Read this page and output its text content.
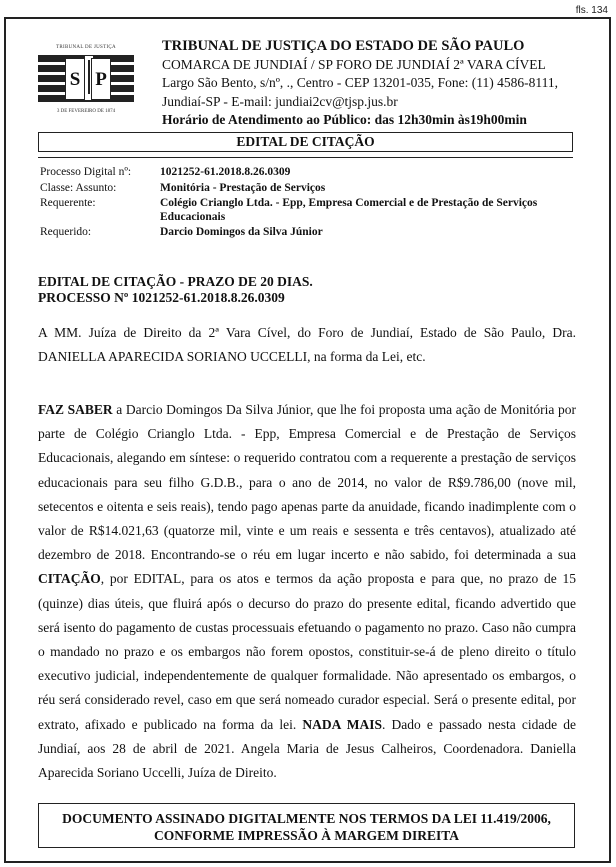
fls. 134
TRIBUNAL DE JUSTIÇA
S P
3 DE FEVEREIRO DE 1874
TRIBUNAL DE JUSTIÇA DO ESTADO DE SÃO PAULO
COMARCA DE JUNDIAÍ / SP FORO DE JUNDIAÍ 2ª VARA CÍVEL
Largo São Bento, s/nº, ., Centro - CEP 13201-035, Fone: (11) 4586-8111,
Jundiaí-SP - E-mail: jundiai2cv@tjsp.jus.br
Horário de Atendimento ao Público: das 12h30min às19h00min
EDITAL DE CITAÇÃO
Processo Digital nº:	1021252-61.2018.8.26.0309
Classe: Assunto:	Monitória - Prestação de Serviços
Requerente:	Colégio Crianglo Ltda. - Epp, Empresa Comercial e de Prestação de Serviços Educacionais
Requerido:	Darcio Domingos da Silva Júnior
EDITAL DE CITAÇÃO - PRAZO DE 20 DIAS.
PROCESSO Nº 1021252-61.2018.8.26.0309
A MM. Juíza de Direito da 2ª Vara Cível, do Foro de Jundiaí, Estado de São Paulo, Dra. DANIELLA APARECIDA SORIANO UCCELLI, na forma da Lei, etc.
FAZ SABER a Darcio Domingos Da Silva Júnior, que lhe foi proposta uma ação de Monitória por parte de Colégio Crianglo Ltda. - Epp, Empresa Comercial e de Prestação de Serviços Educacionais, alegando em síntese: o requerido contratou com a requerente a prestação de serviços educacionais para seu filho G.D.B., para o ano de 2014, no valor de R$9.786,00 (nove mil, setecentos e oitenta e seis reais), tendo pago apenas parte da anuidade, ficando inadimplente com o valor de R$14.021,63 (quatorze mil, vinte e um reais e sessenta e três centavos), atualizado até dezembro de 2018. Encontrando-se o réu em lugar incerto e não sabido, foi determinada a sua CITAÇÃO, por EDITAL, para os atos e termos da ação proposta e para que, no prazo de 15 (quinze) dias úteis, que fluirá após o decurso do prazo do presente edital, ficando advertido que será isento do pagamento de custas processuais efetuando o pagamento no prazo. Caso não cumpra o mandado no prazo e os embargos não forem opostos, constituir-se-á de pleno direito o título executivo judicial, independentemente de qualquer formalidade. Não apresentado os embargos, o réu será considerado revel, caso em que será nomeado curador especial. Será o presente edital, por extrato, afixado e publicado na forma da lei. NADA MAIS. Dado e passado nesta cidade de Jundiaí, aos 28 de abril de 2021. Angela Maria de Jesus Calheiros, Coordenadora. Daniella Aparecida Soriano Uccelli, Juíza de Direito.
DOCUMENTO ASSINADO DIGITALMENTE NOS TERMOS DA LEI 11.419/2006,
CONFORME IMPRESSÃO À MARGEM DIREITA
